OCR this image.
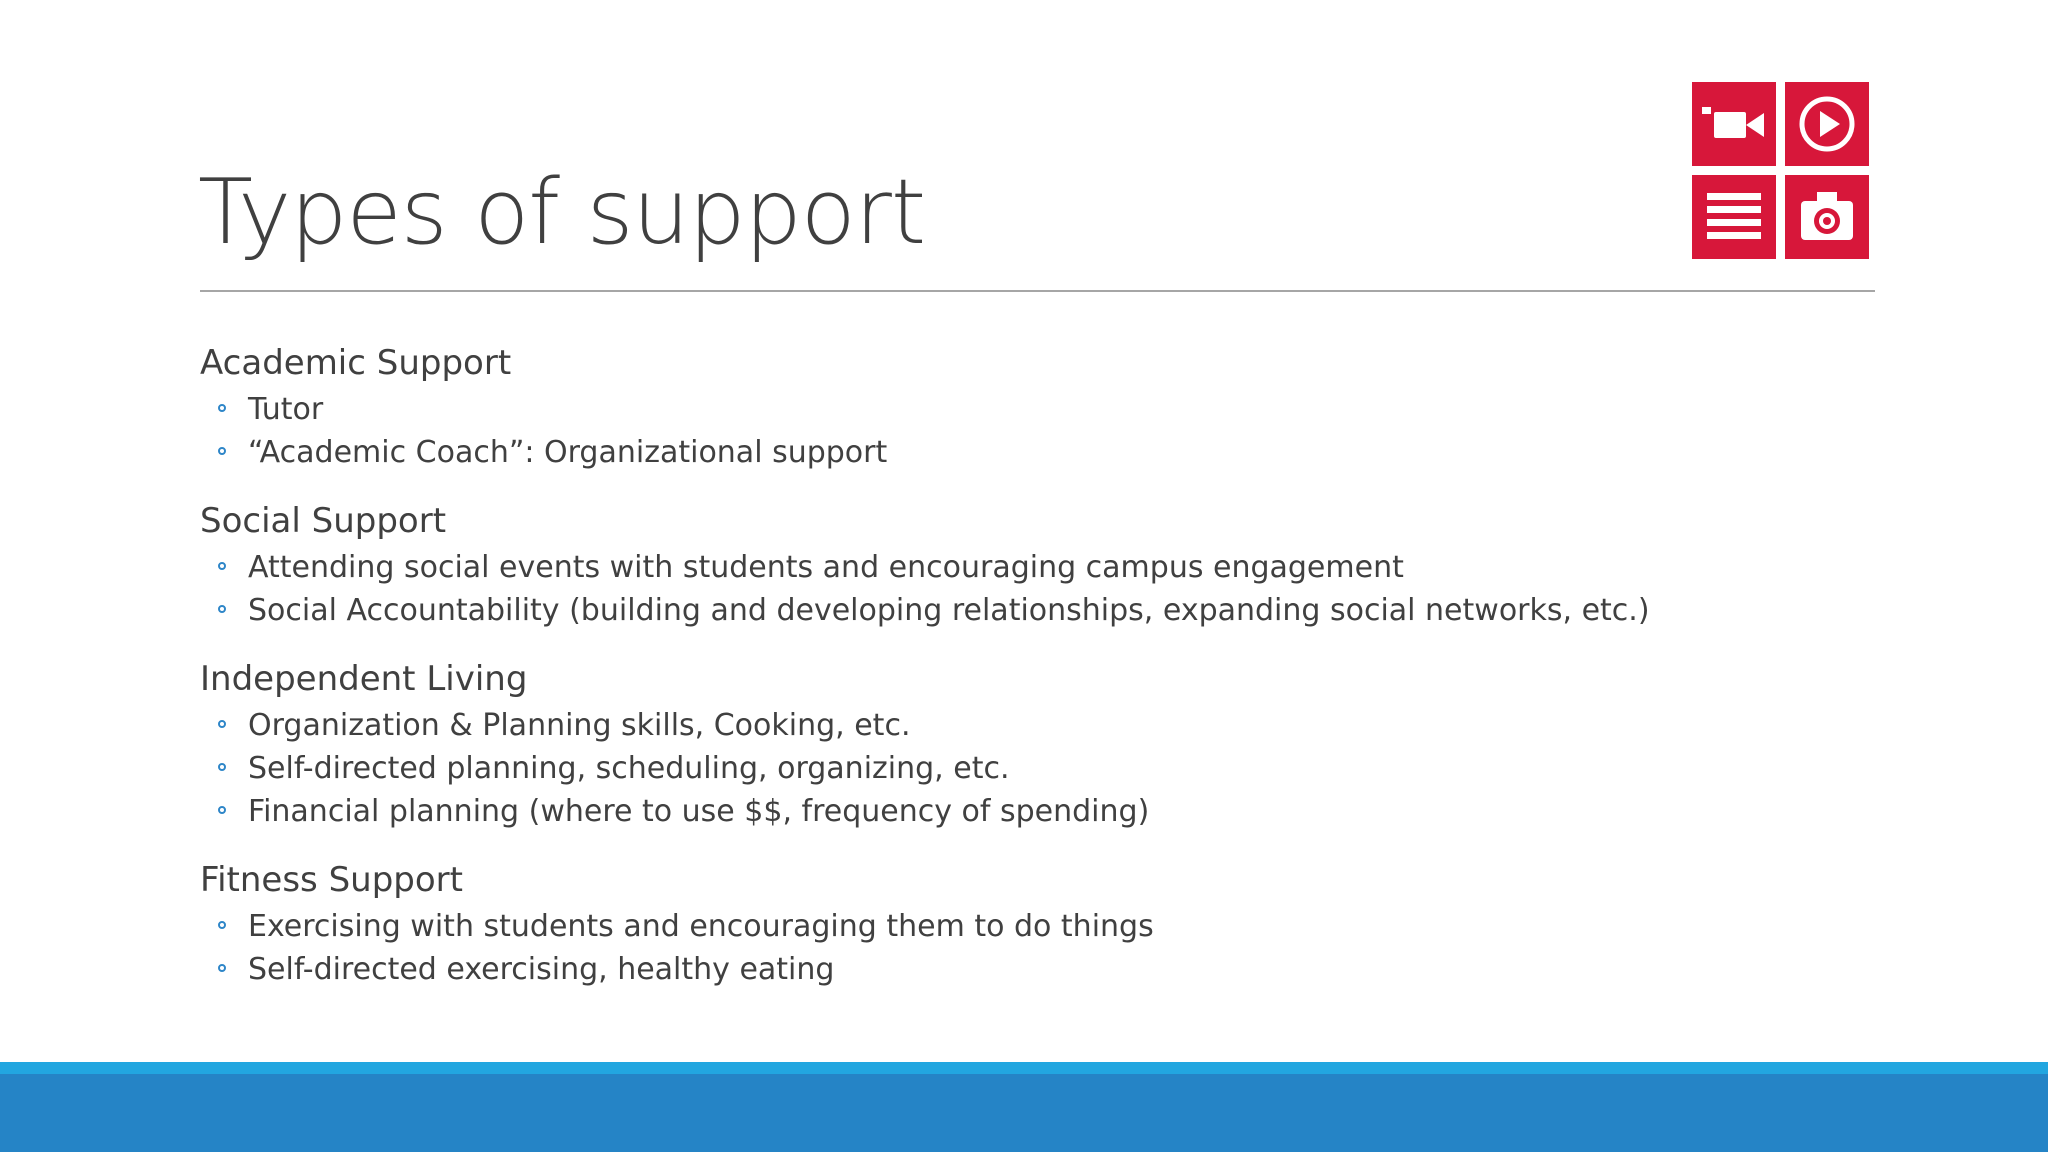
Types of support
Academic Support
Tutor
“Academic Coach”: Organizational support
Social Support
Attending social events with students and encouraging campus engagement
Social Accountability (building and developing relationships, expanding social networks, etc.)
Independent Living
Organization & Planning skills, Cooking, etc.
Self-directed planning, scheduling, organizing, etc.
Financial planning (where to use $$, frequency of spending)
Fitness Support
Exercising with students and encouraging them to do things
Self-directed exercising, healthy eating
